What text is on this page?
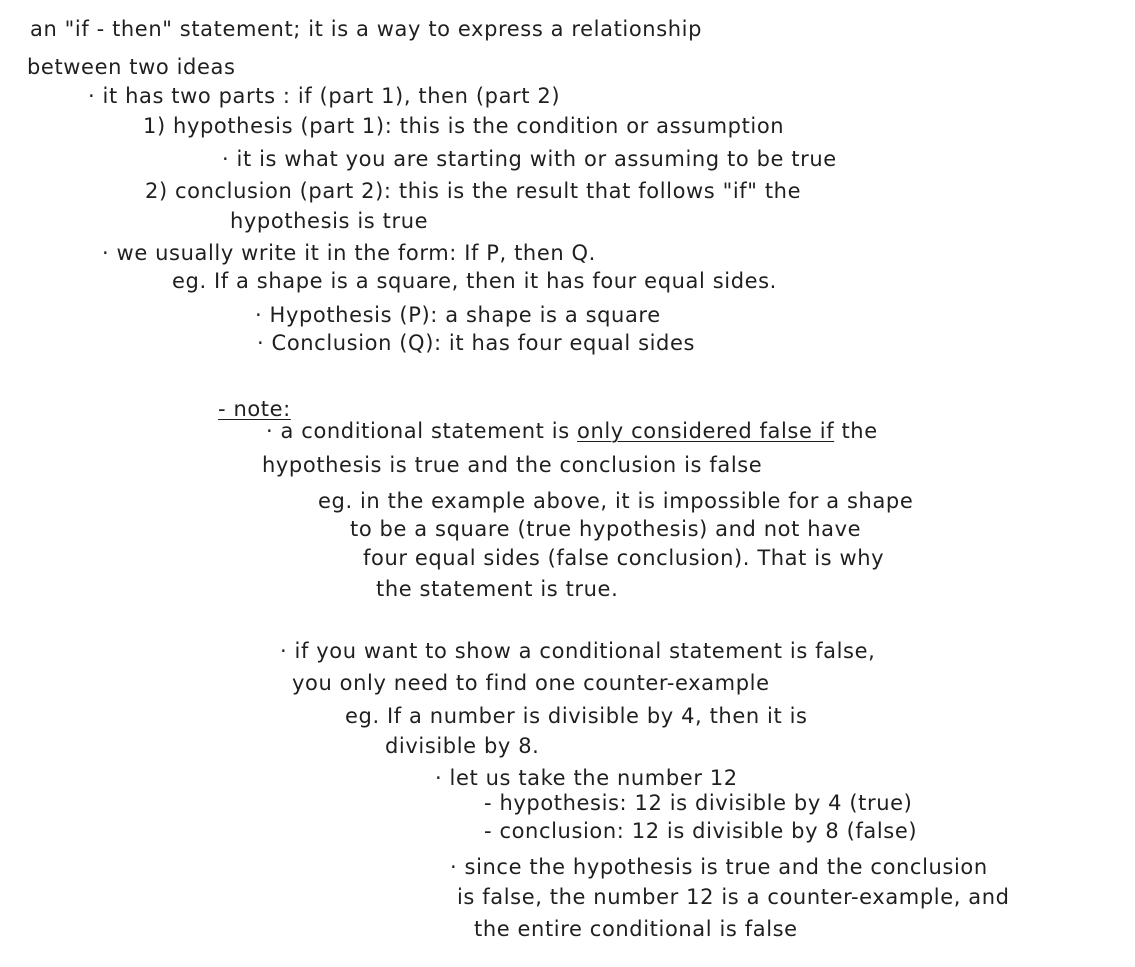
an "if - then" statement; it is a way to express a relationship
between two ideas
· it has two parts : if (part 1), then (part 2)
1) hypothesis (part 1): this is the condition or assumption
· it is what you are starting with or assuming to be true
2) conclusion (part 2): this is the result that follows "if" the
hypothesis is true
· we usually write it in the form: If P, then Q.
eg. If a shape is a square, then it has four equal sides.
· Hypothesis (P): a shape is a square
· Conclusion (Q): it has four equal sides
- note:
· a conditional statement is only considered false if the
hypothesis is true and the conclusion is false
eg. in the example above, it is impossible for a shape
to be a square (true hypothesis) and not have
four equal sides (false conclusion). That is why
the statement is true.
· if you want to show a conditional statement is false,
you only need to find one counter-example
eg. If a number is divisible by 4, then it is
divisible by 8.
· let us take the number 12
- hypothesis: 12 is divisible by 4 (true)
- conclusion: 12 is divisible by 8 (false)
· since the hypothesis is true and the conclusion
is false, the number 12 is a counter-example, and
the entire conditional is false
